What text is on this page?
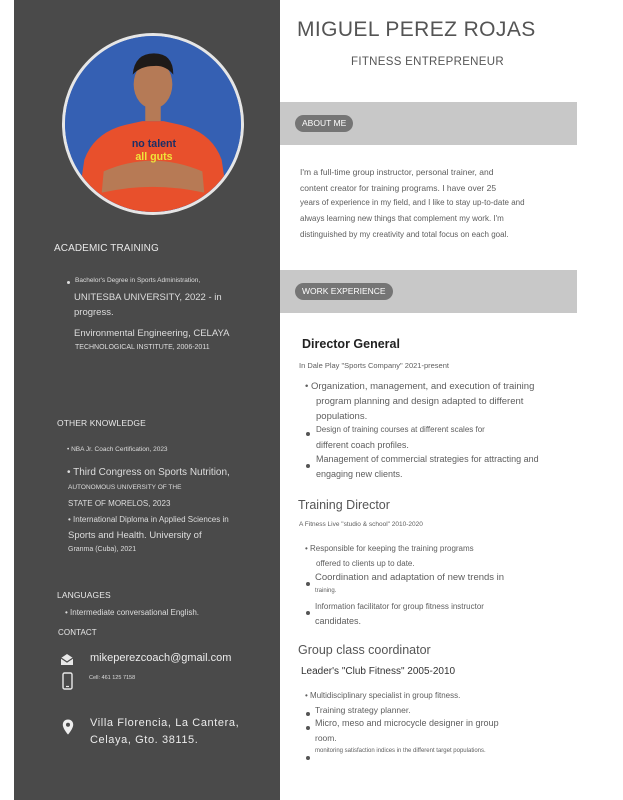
no talent
all guts
ACADEMIC TRAINING
Bachelor's Degree in Sports Administration,
UNITESBA UNIVERSITY, 2022 - in
progress.
Environmental Engineering, CELAYA
TECHNOLOGICAL INSTITUTE, 2006-2011
OTHER KNOWLEDGE
• NBA Jr. Coach Certification, 2023
• Third Congress on Sports Nutrition,
AUTONOMOUS UNIVERSITY OF THE
STATE OF MORELOS, 2023
• International Diploma in Applied Sciences in
Sports and Health. University of
Granma (Cuba), 2021
LANGUAGES
• Intermediate conversational English.
CONTACT
mikeperezcoach@gmail.com
Cell: 461 125 7158
Villa Florencia, La Cantera,
Celaya, Gto. 38115.
MIGUEL PEREZ ROJAS
FITNESS ENTREPRENEUR
ABOUT ME
I'm a full-time group instructor, personal trainer, and
content creator for training programs. I have over 25
years of experience in my field, and I like to stay up-to-date and
always learning new things that complement my work. I'm
distinguished by my creativity and total focus on each goal.
WORK EXPERIENCE
Director General
In Dale Play "Sports Company" 2021-present
• Organization, management, and execution of training
program planning and design adapted to different
populations.
Design of training courses at different scales for
different coach profiles.
Management of commercial strategies for attracting and
engaging new clients.
Training Director
A Fitness Live "studio & school" 2010-2020
• Responsible for keeping the training programs
offered to clients up to date.
Coordination and adaptation of new trends in
training.
Information facilitator for group fitness instructor
candidates.
Group class coordinator
Leader's "Club Fitness" 2005-2010
• Multidisciplinary specialist in group fitness.
Training strategy planner.
Micro, meso and microcycle designer in group
room.
monitoring satisfaction indices in the different target populations.
